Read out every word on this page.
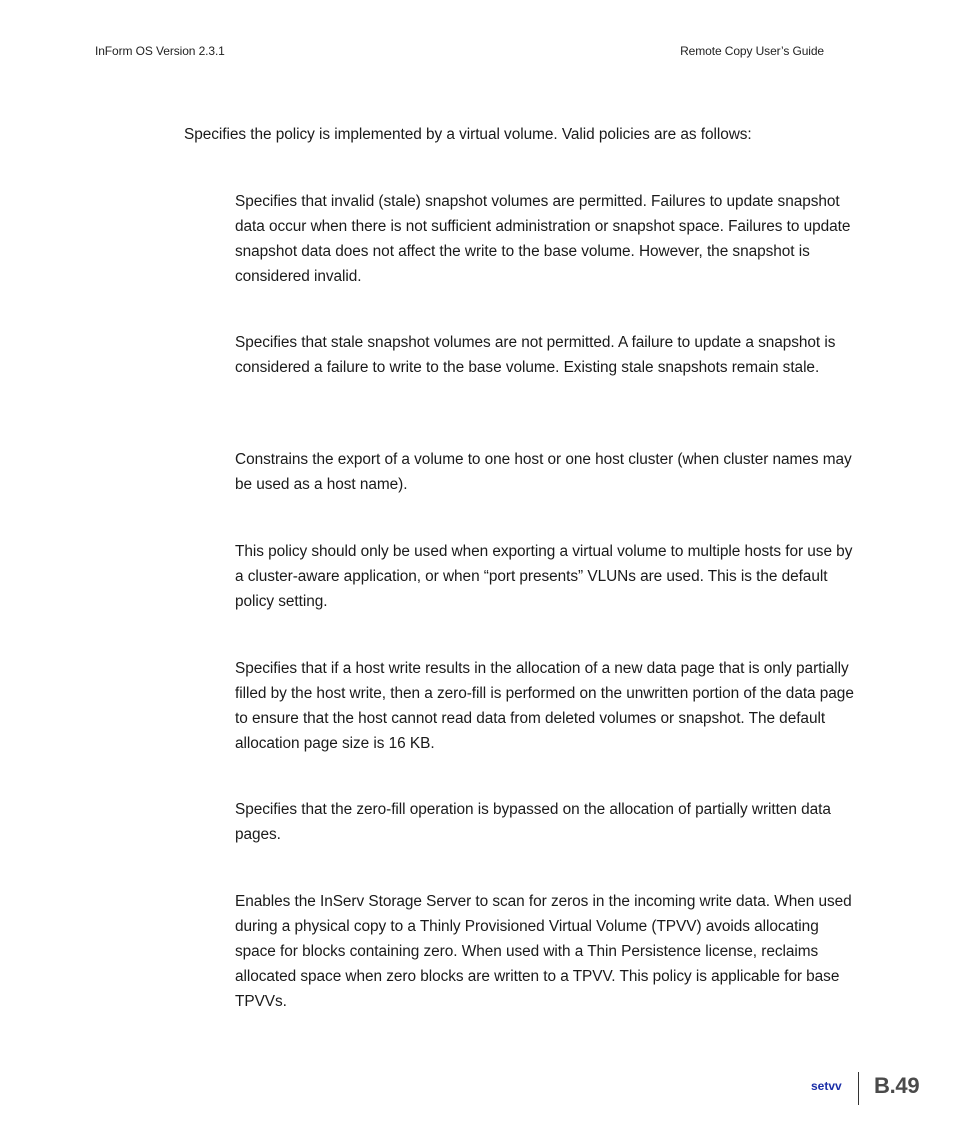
InForm OS Version 2.3.1	Remote Copy User’s Guide
Specifies the policy is implemented by a virtual volume. Valid policies are as follows:

Specifies that invalid (stale) snapshot volumes are permitted. Failures to update snapshot data occur when there is not sufficient administration or snapshot space. Failures to update snapshot data does not affect the write to the base volume. However, the snapshot is considered invalid.

Specifies that stale snapshot volumes are not permitted. A failure to update a snapshot is considered a failure to write to the base volume. Existing stale snapshots remain stale.

Constrains the export of a volume to one host or one host cluster (when cluster names may be used as a host name).

This policy should only be used when exporting a virtual volume to multiple hosts for use by a cluster-aware application, or when “port presents” VLUNs are used. This is the default policy setting.

Specifies that if a host write results in the allocation of a new data page that is only partially filled by the host write, then a zero-fill is performed on the unwritten portion of the data page to ensure that the host cannot read data from deleted volumes or snapshot. The default allocation page size is 16 KB.

Specifies that the zero-fill operation is bypassed on the allocation of partially written data pages.

Enables the InServ Storage Server to scan for zeros in the incoming write data. When used during a physical copy to a Thinly Provisioned Virtual Volume (TPVV) avoids allocating space for blocks containing zero. When used with a Thin Persistence license, reclaims allocated space when zero blocks are written to a TPVV. This policy is applicable for base TPVVs.

setvv B.49
